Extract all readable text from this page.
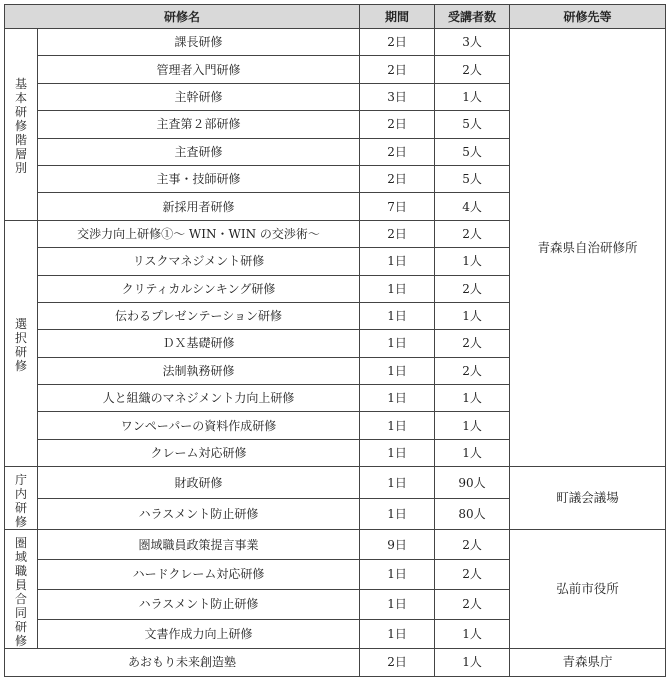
研修名		期間	受講者数	研修先等
基本研修　階層別	課長研修	2日	3人	青森県自治研修所
	管理者入門研修	2日	2人	
	主幹研修	3日	1人	
	主査第２部研修	2日	5人	
	主査研修	2日	5人	
	主事・技師研修	2日	5人	
	新採用者研修	7日	4人	
選択研修	交渉力向上研修①～ WIN・WIN の交渉術～	2日	2人	
	リスクマネジメント研修	1日	1人	
	クリティカルシンキング研修	1日	2人	
	伝わるプレゼンテーション研修	1日	1人	
	ＤＸ基礎研修	1日	2人	
	法制執務研修	1日	2人	
	人と組織のマネジメント力向上研修	1日	1人	
	ワンペーパーの資料作成研修	1日	1人	
	クレーム対応研修	1日	1人	
庁内研修	財政研修	1日	90人	町議会議場
	ハラスメント防止研修	1日	80人	
圏域職員合同研修	圏域職員政策提言事業	9日	2人	弘前市役所
	ハードクレーム対応研修	1日	2人	
	ハラスメント防止研修	1日	2人	
	文書作成力向上研修	1日	1人	
あおもり未来創造塾		2日	1人	青森県庁
